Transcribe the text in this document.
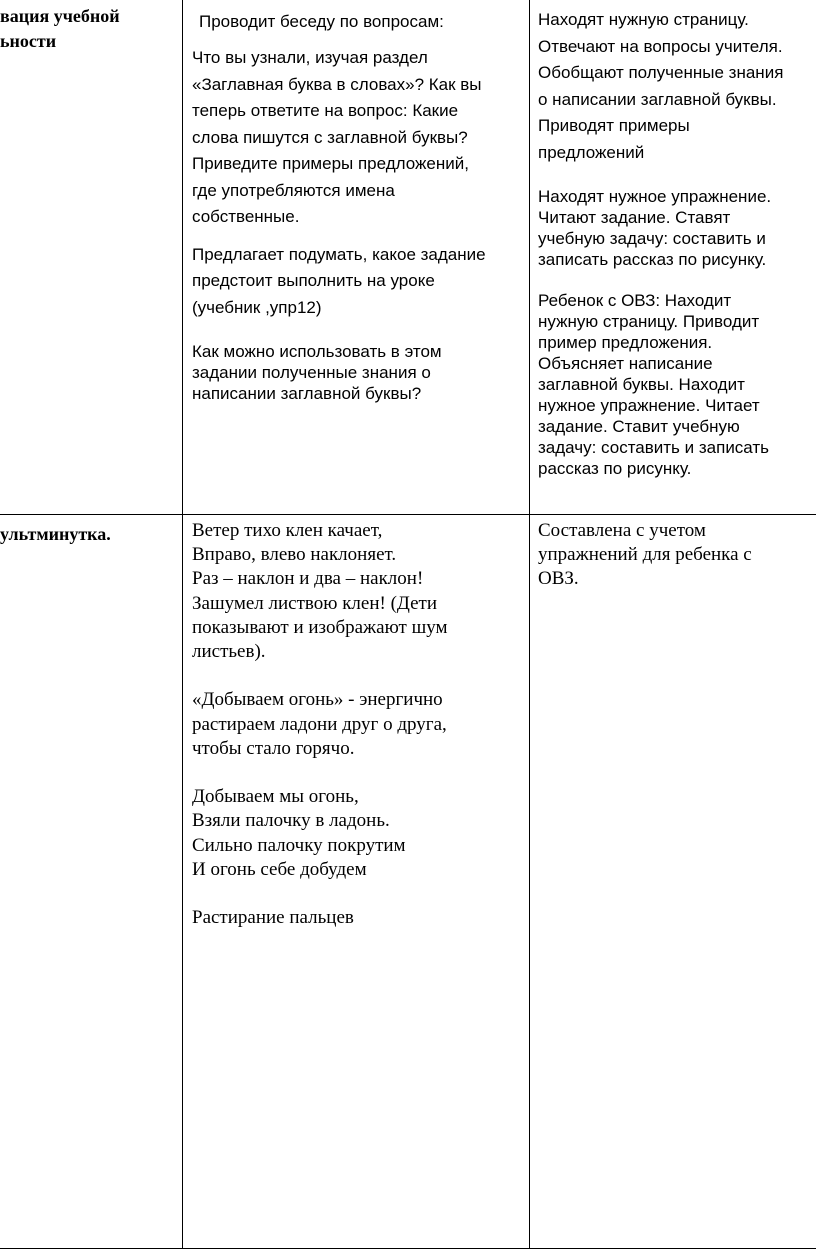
вация учебной
ьности

Проводит беседу по вопросам:

Что вы узнали, изучая раздел
«Заглавная буква в словах»? Как вы
теперь ответите на вопрос: Какие
слова пишутся с заглавной буквы?
Приведите примеры предложений,
где употребляются имена
собственные.

Предлагает подумать, какое задание
предстоит выполнить на уроке
(учебник ,упр12)

Как можно использовать в этом
задании полученные знания о
написании заглавной буквы?

Находят нужную страницу.
Отвечают на вопросы учителя.
Обобщают полученные знания
о написании заглавной буквы.
Приводят примеры
предложений

Находят нужное упражнение.
Читают задание. Ставят
учебную задачу: составить и
записать рассказ по рисунку.

Ребенок с ОВЗ: Находит
нужную страницу. Приводит
пример предложения.
Объясняет написание
заглавной буквы. Находит
нужное упражнение. Читает
задание. Ставит учебную
задачу: составить и записать
рассказ по рисунку.

ультминутка.	Ветер тихо клен качает,
Вправо, влево наклоняет.
Раз – наклон и два – наклон!
Зашумел листвою клен! (Дети
показывают и изображают шум
листьев).

«Добываем огонь» - энергично
растираем ладони друг о друга,
чтобы стало горячо.

Добываем мы огонь,
Взяли палочку в ладонь.
Сильно палочку покрутим
И огонь себе добудем

Растирание пальцев

Составлена с учетом
упражнений для ребенка с
ОВЗ.
